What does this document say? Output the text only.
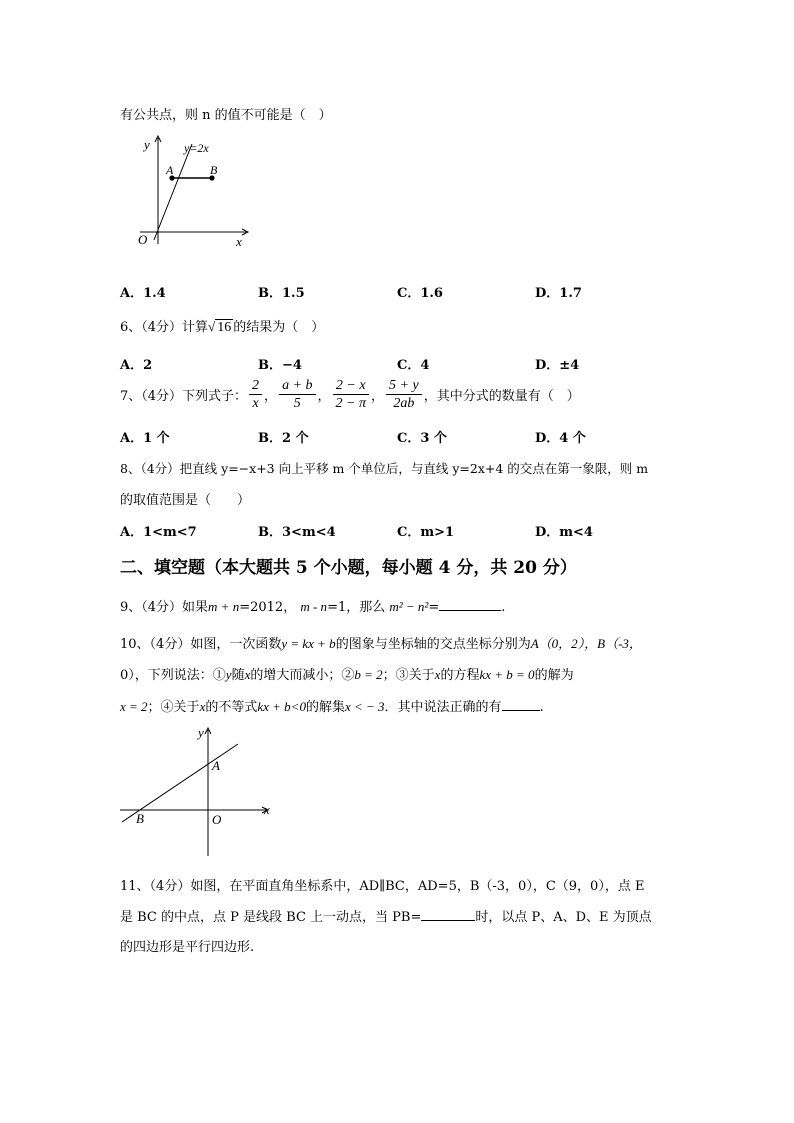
有公共点，则 n 的值不可能是（　）
y
x
O
y=2x
A	B
A．1.4	B．1.5	C．1.6	D．1.7
6、（4分）计算√ 16 的结果为（　）
A．2	B．−4	C．4	D．±4
7、（4分）下列式子： $\frac{2}{x}$ ， $\frac{a + b}{5}$ ， $\frac{2 - x}{2 - \pi}$ ， $\frac{5 + y}{2ab}$ ，其中分式的数量有（　）
A．1 个	B．2 个	C．3 个	D．4 个
8、（4分）把直线 y=−x+3 向上平移 m 个单位后，与直线 y=2x+4 的交点在第一象限，则 m
的取值范围是（　　）
A．1<m<7	B．3<m<4	C．m>1	D．m<4
二、填空题（本大题共 5 个小题，每小题 4 分，共 20 分）
9、（4分）如果m + n=2012， m - n=1，那么 m² − n²=	.
10、（4分）如图，一次函数y = kx + b的图象与坐标轴的交点坐标分别为A（0，2），B（-3，
0），下列说法：①y随x的增大而减小；②b = 2；③关于x的方程kx + b = 0的解为
x = 2；④关于x的不等式kx + b<0的解集x < − 3．其中说法正确的有	.
y
x
O
A
B
11、（4分）如图，在平面直角坐标系中，AD∥BC，AD=5，B（-3，0），C（9，0），点 E
是 BC 的中点，点 P 是线段 BC 上一动点，当 PB=	时，以点 P、A、D、E 为顶点
的四边形是平行四边形.
